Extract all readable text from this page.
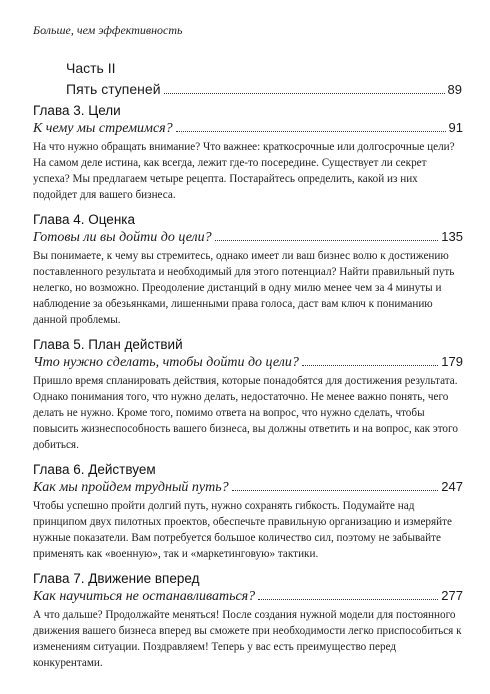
Больше, чем эффективность
Часть II
Пять ступеней	89
Глава 3. Цели
К чему мы стремимся?	91
На что нужно обращать внимание? Что важнее: краткосрочные или долгосрочные цели? На самом деле истина, как всегда, лежит где-то посередине. Существует ли секрет успеха? Мы предлагаем четыре рецепта. Постарайтесь определить, какой из них подойдет для вашего бизнеса.
Глава 4. Оценка
Готовы ли вы дойти до цели?	135
Вы понимаете, к чему вы стремитесь, однако имеет ли ваш бизнес волю к достижению поставленного результата и необходимый для этого потенциал? Найти правильный путь нелегко, но возможно. Преодоление дистанций в одну милю менее чем за 4 минуты и наблюдение за обезьянками, лишенными права голоса, даст вам ключ к пониманию данной проблемы.
Глава 5. План действий
Что нужно сделать, чтобы дойти до цели?	179
Пришло время спланировать действия, которые понадобятся для достижения результата. Однако понимания того, что нужно делать, недостаточно. Не менее важно понять, чего делать не нужно. Кроме того, помимо ответа на вопрос, что нужно сделать, чтобы повысить жизнеспособность вашего бизнеса, вы должны ответить и на вопрос, как этого добиться.
Глава 6. Действуем
Как мы пройдем трудный путь?	247
Чтобы успешно пройти долгий путь, нужно сохранять гибкость. Подумайте над принципом двух пилотных проектов, обеспечьте правильную организацию и измеряйте нужные показатели. Вам потребуется большое количество сил, поэтому не забывайте применять как «военную», так и «маркетинговую» тактики.
Глава 7. Движение вперед
Как научиться не останавливаться?	277
А что дальше? Продолжайте меняться! После создания нужной модели для постоянного движения вашего бизнеса вперед вы сможете при необходимости легко приспособиться к изменениям ситуации. Поздравляем! Теперь у вас есть преимущество перед конкурентами.
